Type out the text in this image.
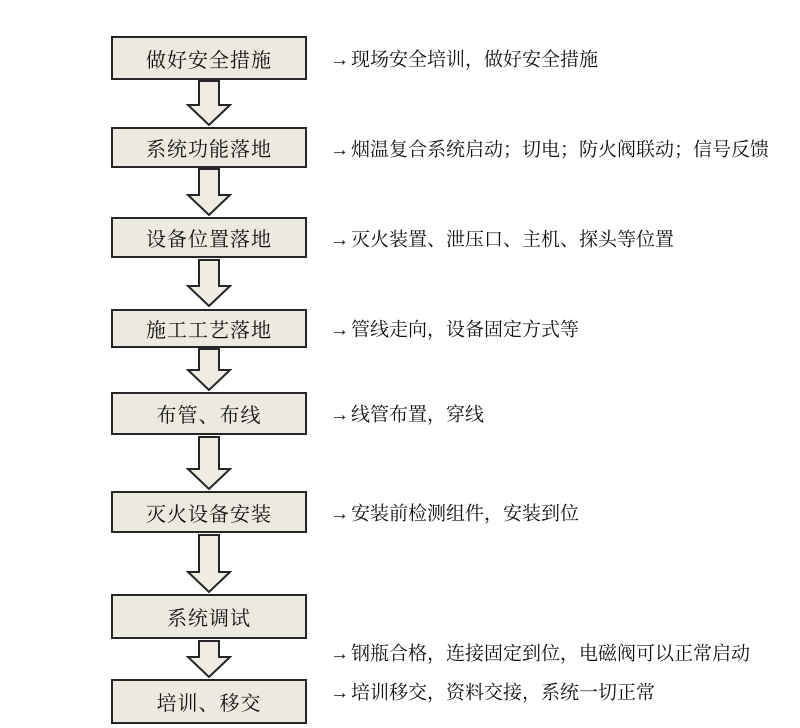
做好安全措施	→ 现场安全培训，做好安全措施
系统功能落地	→ 烟温复合系统启动；切电；防火阀联动；信号反馈
设备位置落地	→ 灭火装置、泄压口、主机、探头等位置
施工工艺落地	→ 管线走向，设备固定方式等
布管、布线	→ 线管布置，穿线
灭火设备安装	→ 安装前检测组件，安装到位
系统调试
→ 钢瓶合格，连接固定到位，电磁阀可以正常启动
培训、移交	→ 培训移交，资料交接，系统一切正常
